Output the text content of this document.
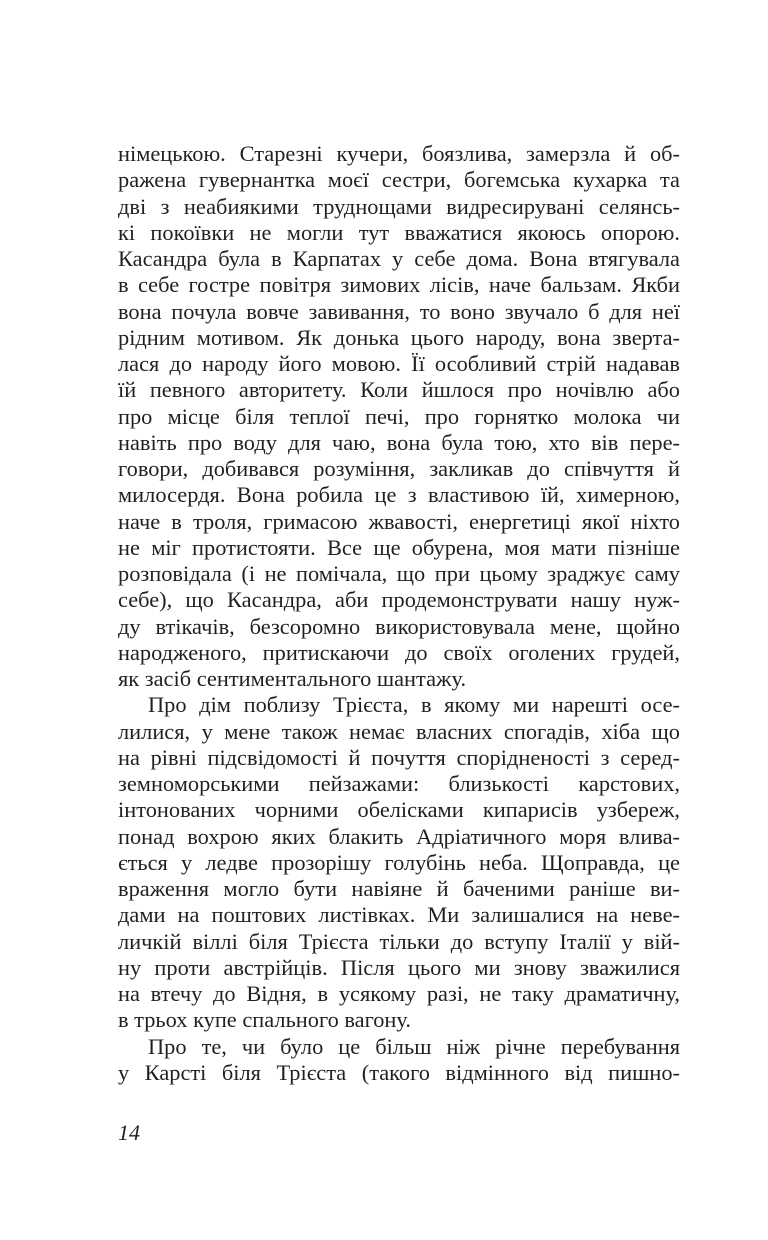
німецькою. Старезні кучери, боязлива, замерзла й об-
ражена гувернантка моєї сестри, богемська кухарка та
дві з неабиякими труднощами видресирувані селянсь-
кі покоївки не могли тут вважатися якоюсь опорою.
Касандра була в Карпатах у себе дома. Вона втягувала
в себе гостре повітря зимових лісів, наче бальзам. Якби
вона почула вовче завивання, то воно звучало б для неї
рідним мотивом. Як донька цього народу, вона зверта-
лася до народу його мовою. Її особливий стрій надавав
їй певного авторитету. Коли йшлося про ночівлю або
про місце біля теплої печі, про горнятко молока чи
навіть про воду для чаю, вона була тою, хто вів пере-
говори, добивався розуміння, закликав до співчуття й
милосердя. Вона робила це з властивою їй, химерною,
наче в троля, гримасою жвавості, енергетиці якої ніхто
не міг протистояти. Все ще обурена, моя мати пізніше
розповідала (і не помічала, що при цьому зраджує саму
себе), що Касандра, аби продемонструвати нашу нуж-
ду втікачів, безсоромно використовувала мене, щойно
народженого, притискаючи до своїх оголених грудей,
як засіб сентиментального шантажу.
Про дім поблизу Трієста, в якому ми нарешті осе-
лилися, у мене також немає власних спогадів, хіба що
на рівні підсвідомості й почуття спорідненості з серед-
земноморськими пейзажами: близькості карстових,
інтонованих чорними обелісками кипарисів узбереж,
понад вохрою яких блакить Адріатичного моря влива-
ється у ледве прозорішу голубінь неба. Щоправда, це
враження могло бути навіяне й баченими раніше ви-
дами на поштових листівках. Ми залишалися на неве-
личкій віллі біля Трієста тільки до вступу Італії у вій-
ну проти австрійців. Після цього ми знову зважилися
на втечу до Відня, в усякому разі, не таку драматичну,
в трьох купе спального вагону.
Про те, чи було це більш ніж річне перебування
у Карсті біля Трієста (такого відмінного від пишно-
14
